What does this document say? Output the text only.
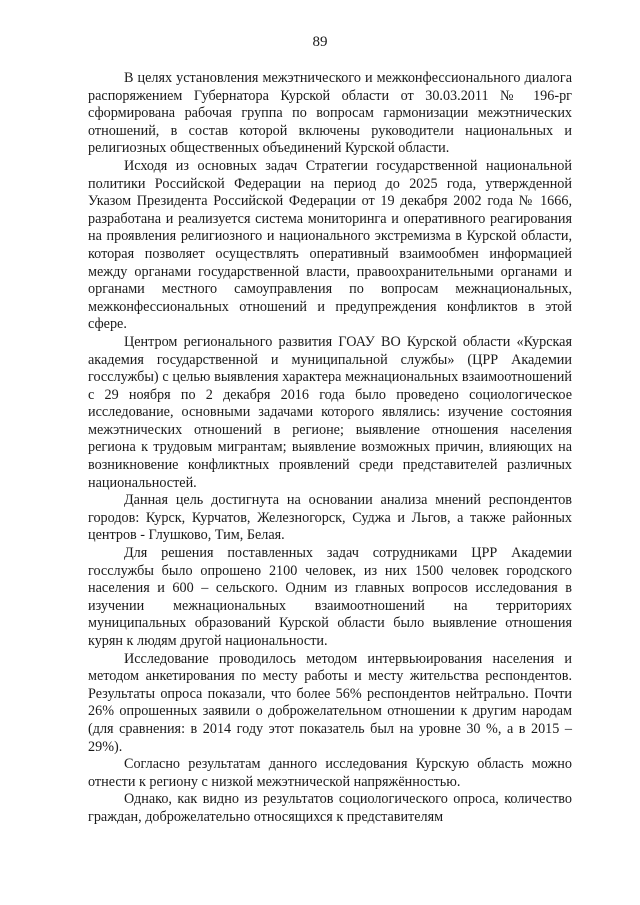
89

В целях установления межэтнического и межконфессионального диалога распоряжением Губернатора Курской области от 30.03.2011 № 196-рг сформирована рабочая группа по вопросам гармонизации межэтнических отношений, в состав которой включены руководители национальных и религиозных общественных объединений Курской области.

Исходя из основных задач Стратегии государственной национальной политики Российской Федерации на период до 2025 года, утвержденной Указом Президента Российской Федерации от 19 декабря 2002 года № 1666, разработана и реализуется система мониторинга и оперативного реагирования на проявления религиозного и национального экстремизма в Курской области, которая позволяет осуществлять оперативный взаимообмен информацией между органами государственной власти, правоохранительными органами и органами местного самоуправления по вопросам межнациональных, межконфессиональных отношений и предупреждения конфликтов в этой сфере.

Центром регионального развития ГОАУ ВО Курской области «Курская академия государственной и муниципальной службы» (ЦРР Академии госслужбы) с целью выявления характера межнациональных взаимоотношений с 29 ноября по 2 декабря 2016 года было проведено социологическое исследование, основными задачами которого являлись: изучение состояния межэтнических отношений в регионе; выявление отношения населения региона к трудовым мигрантам; выявление возможных причин, влияющих на возникновение конфликтных проявлений среди представителей различных национальностей.

Данная цель достигнута на основании анализа мнений респондентов городов: Курск, Курчатов, Железногорск, Суджа и Льгов, а также районных центров - Глушково, Тим, Белая.

Для решения поставленных задач сотрудниками ЦРР Академии госслужбы было опрошено 2100 человек, из них 1500 человек городского населения и 600 – сельского. Одним из главных вопросов исследования в изучении межнациональных взаимоотношений на территориях муниципальных образований Курской области было выявление отношения курян к людям другой национальности.

Исследование проводилось методом интервьюирования населения и методом анкетирования по месту работы и месту жительства респондентов. Результаты опроса показали, что более 56% респондентов нейтрально. Почти 26% опрошенных заявили о доброжелательном отношении к другим народам (для сравнения: в 2014 году этот показатель был на уровне 30 %, а в 2015 – 29%).

Согласно результатам данного исследования Курскую область можно отнести к региону с низкой межэтнической напряжённостью.

Однако, как видно из результатов социологического опроса, количество граждан, доброжелательно относящихся к представителям
